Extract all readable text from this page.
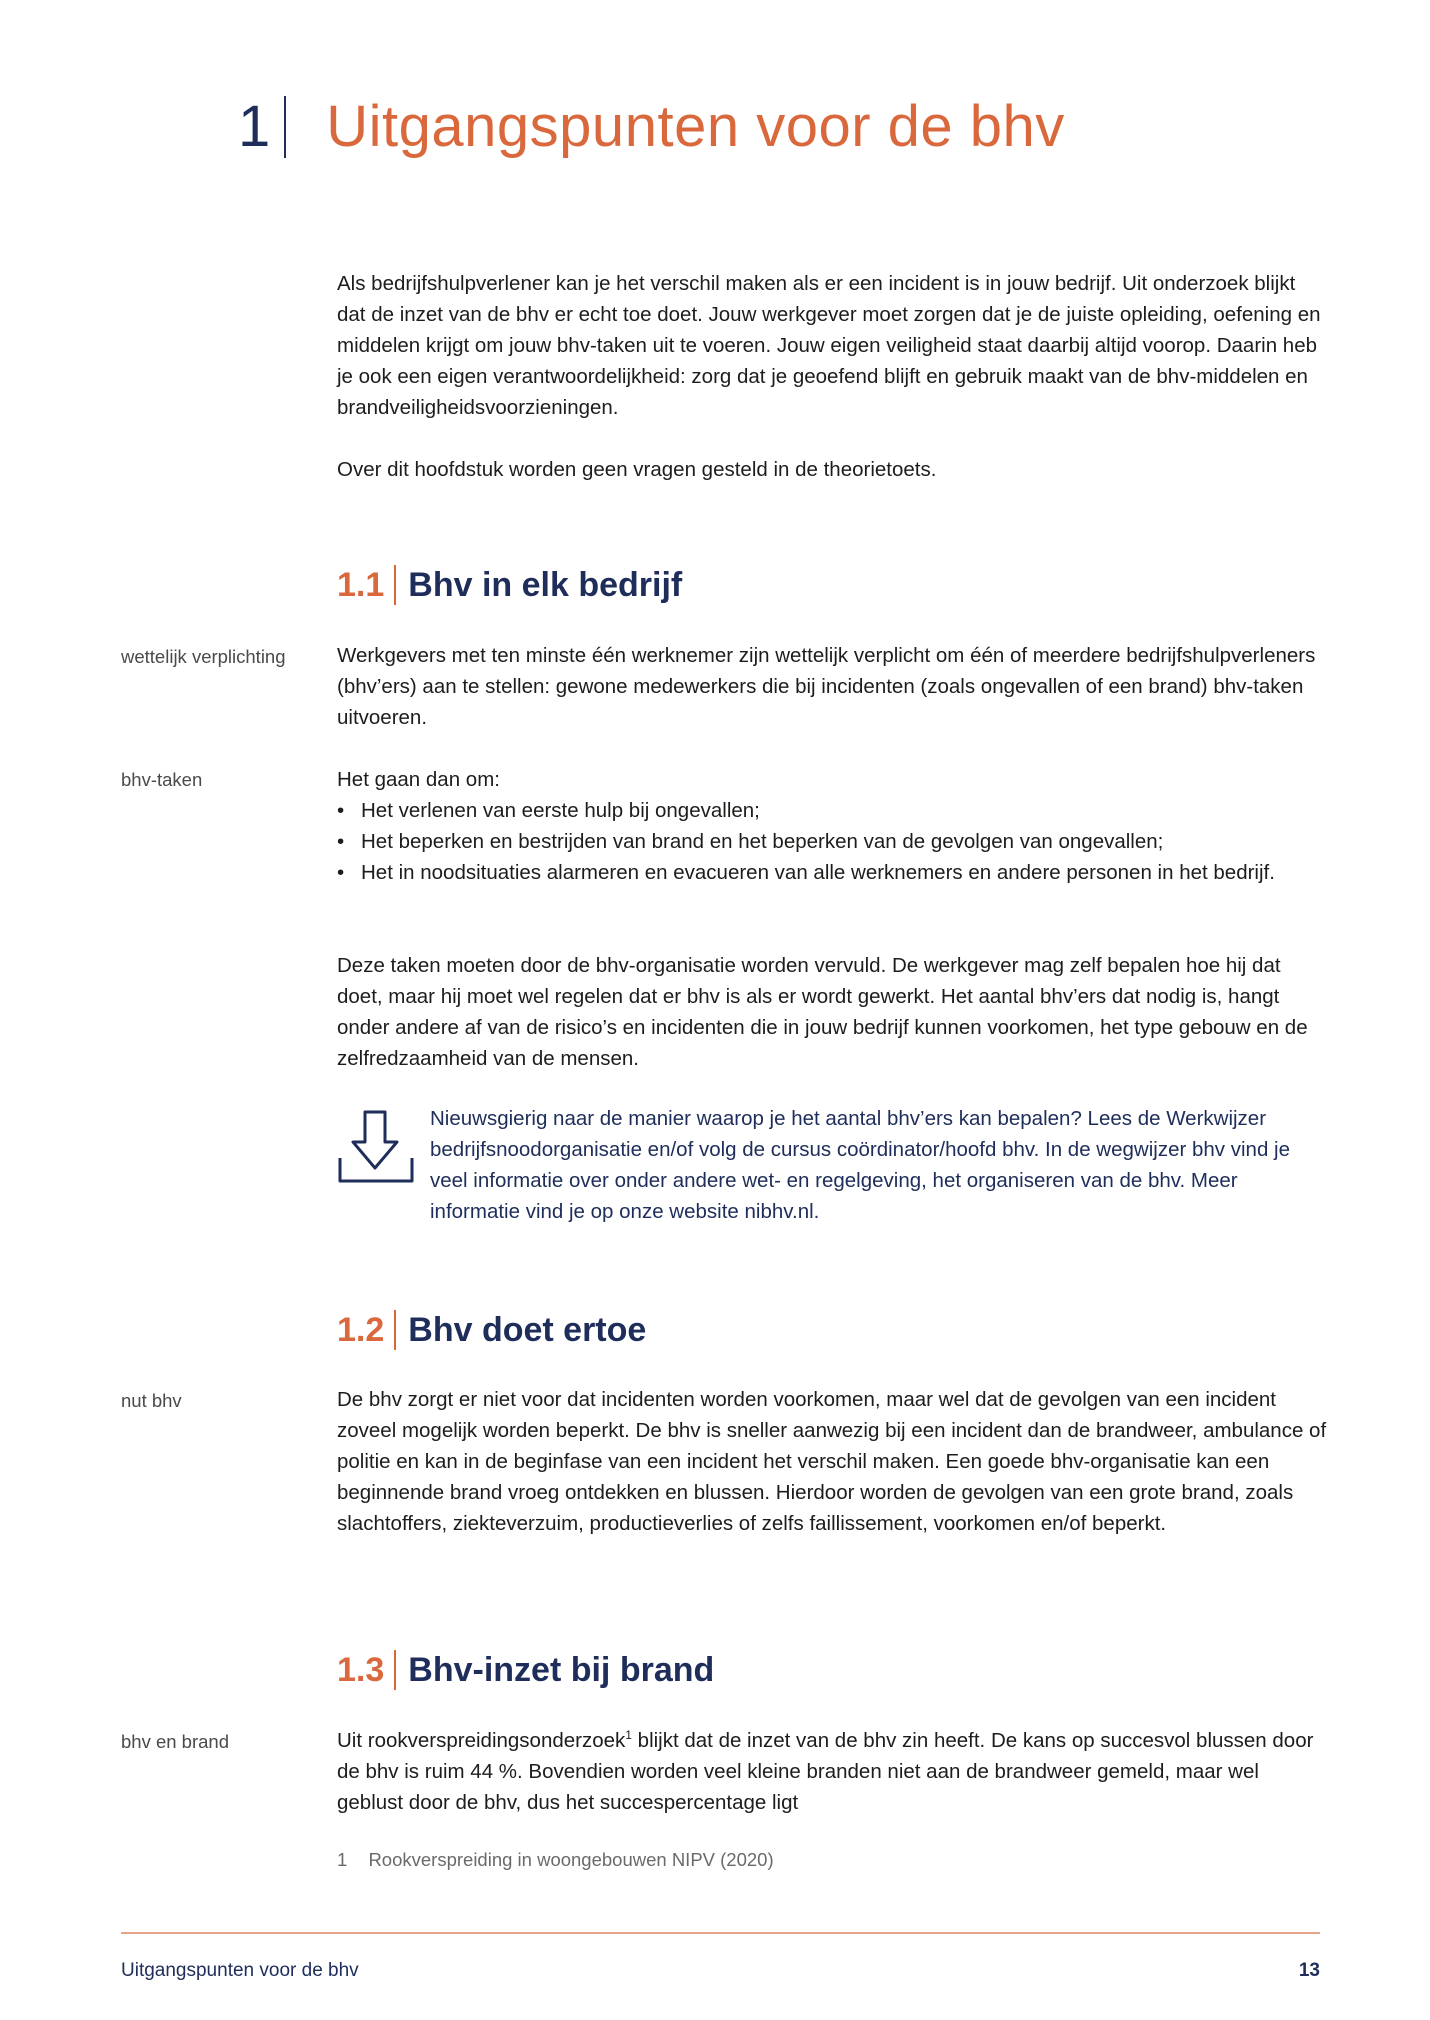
1 Uitgangspunten voor de bhv

Als bedrijfshulpverlener kan je het verschil maken als er een incident is in jouw bedrijf. Uit onderzoek blijkt dat de inzet van de bhv er echt toe doet. Jouw werkgever moet zorgen dat je de juiste opleiding, oefening en middelen krijgt om jouw bhv-taken uit te voeren. Jouw eigen veiligheid staat daarbij altijd voorop. Daarin heb je ook een eigen verantwoordelijkheid: zorg dat je geoefend blijft en gebruik maakt van de bhv-middelen en brandveiligheidsvoorzieningen.

Over dit hoofdstuk worden geen vragen gesteld in de theorietoets.

1.1 Bhv in elk bedrijf
wettelijk verplichting	Werkgevers met ten minste één werknemer zijn wettelijk verplicht om één of meerdere bedrijfshulpverleners (bhv’ers) aan te stellen: gewone medewerkers die bij incidenten (zoals ongevallen of een brand) bhv-taken uitvoeren.
bhv-taken	Het gaan dan om:

• Het verlenen van eerste hulp bij ongevallen;
• Het beperken en bestrijden van brand en het beperken van de gevolgen van ongevallen;
• Het in noodsituaties alarmeren en evacueren van alle werknemers en andere personen in het bedrijf.
Deze taken moeten door de bhv-organisatie worden vervuld. De werkgever mag zelf bepalen hoe hij dat doet, maar hij moet wel regelen dat er bhv is als er wordt gewerkt. Het aantal bhv’ers dat nodig is, hangt onder andere af van de risico’s en incidenten die in jouw bedrijf kunnen voorkomen, het type gebouw en de zelfredzaamheid van de mensen.
Nieuwsgierig naar de manier waarop je het aantal bhv’ers kan bepalen? Lees de Werkwijzer bedrijfsnoodorganisatie en/of volg de cursus coördinator/hoofd bhv. In de wegwijzer bhv vind je veel informatie over onder andere wet- en regelgeving, het organiseren van de bhv. Meer informatie vind je op onze website nibhv.nl.
1.2 Bhv doet ertoe
nut bhv	De bhv zorgt er niet voor dat incidenten worden voorkomen, maar wel dat de gevolgen van een incident zoveel mogelijk worden beperkt. De bhv is sneller aanwezig bij een incident dan de brandweer, ambulance of politie en kan in de beginfase van een incident het verschil maken. Een goede bhv-organisatie kan een beginnende brand vroeg ontdekken en blussen. Hierdoor worden de gevolgen van een grote brand, zoals slachtoffers, ziekteverzuim, productieverlies of zelfs faillissement, voorkomen en/of beperkt.
1.3 Bhv-inzet bij brand
bhv en brand	Uit rookverspreidingsonderzoek$^1$ blijkt dat de inzet van de bhv zin heeft. De kans op succesvol blussen door de bhv is ruim 44 %. Bovendien worden veel kleine branden niet aan de brandweer gemeld, maar wel geblust door de bhv, dus het succespercentage ligt

1 Rookverspreiding in woongebouwen NIPV (2020)
Uitgangspunten voor de bhv	13
